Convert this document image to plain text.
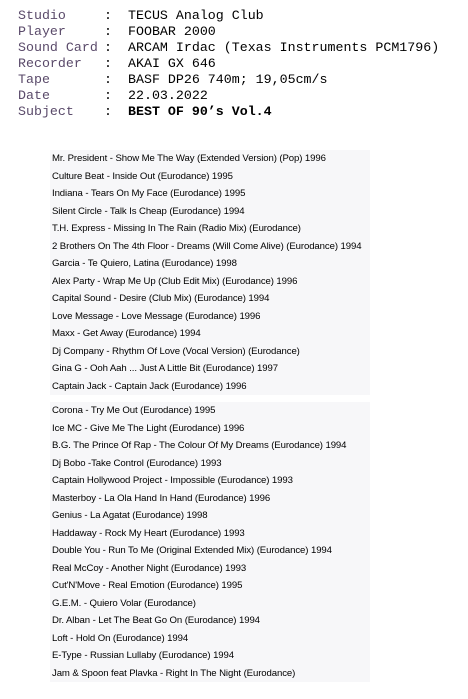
Studio	:	TECUS Analog Club
Player	:	FOOBAR 2000
Sound Card :	ARCAM Irdac (Texas Instruments PCM1796)
Recorder	:	AKAI GX 646
Tape	:	BASF DP26 740m; 19,05cm/s
Date	:	22.03.2022
Subject	:	BEST OF 90’s Vol.4
Mr. President - Show Me The Way (Extended Version) (Pop) 1996
Culture Beat - Inside Out (Eurodance) 1995
Indiana - Tears On My Face (Eurodance) 1995
Silent Circle - Talk Is Cheap (Eurodance) 1994
T.H. Express - Missing In The Rain (Radio Mix) (Eurodance)
2 Brothers On The 4th Floor - Dreams (Will Come Alive) (Eurodance) 1994
Garcia - Te Quiero, Latina (Eurodance) 1998
Alex Party - Wrap Me Up (Club Edit Mix) (Eurodance) 1996
Capital Sound - Desire (Club Mix) (Eurodance) 1994
Love Message - Love Message (Eurodance) 1996
Maxx - Get Away (Eurodance) 1994
Dj Company - Rhythm Of Love (Vocal Version) (Eurodance)
Gina G - Ooh Aah ... Just A Little Bit (Eurodance) 1997
Captain Jack - Captain Jack (Eurodance) 1996
Corona - Try Me Out (Eurodance) 1995
Ice MC - Give Me The Light (Eurodance) 1996
B.G. The Prince Of Rap - The Colour Of My Dreams (Eurodance) 1994
Dj Bobo -Take Control (Eurodance) 1993
Captain Hollywood Project - Impossible (Eurodance) 1993
Masterboy - La Ola Hand In Hand (Eurodance) 1996
Genius - La Agatat (Eurodance) 1998
Haddaway - Rock My Heart (Eurodance) 1993
Double You - Run To Me (Original Extended Mix) (Eurodance) 1994
Real McCoy - Another Night (Eurodance) 1993
Cut'N'Move - Real Emotion (Eurodance) 1995
G.E.M. - Quiero Volar (Eurodance)
Dr. Alban - Let The Beat Go On (Eurodance) 1994
Loft - Hold On (Eurodance) 1994
E-Type - Russian Lullaby (Eurodance) 1994
Jam & Spoon feat Plavka - Right In The Night (Eurodance)
